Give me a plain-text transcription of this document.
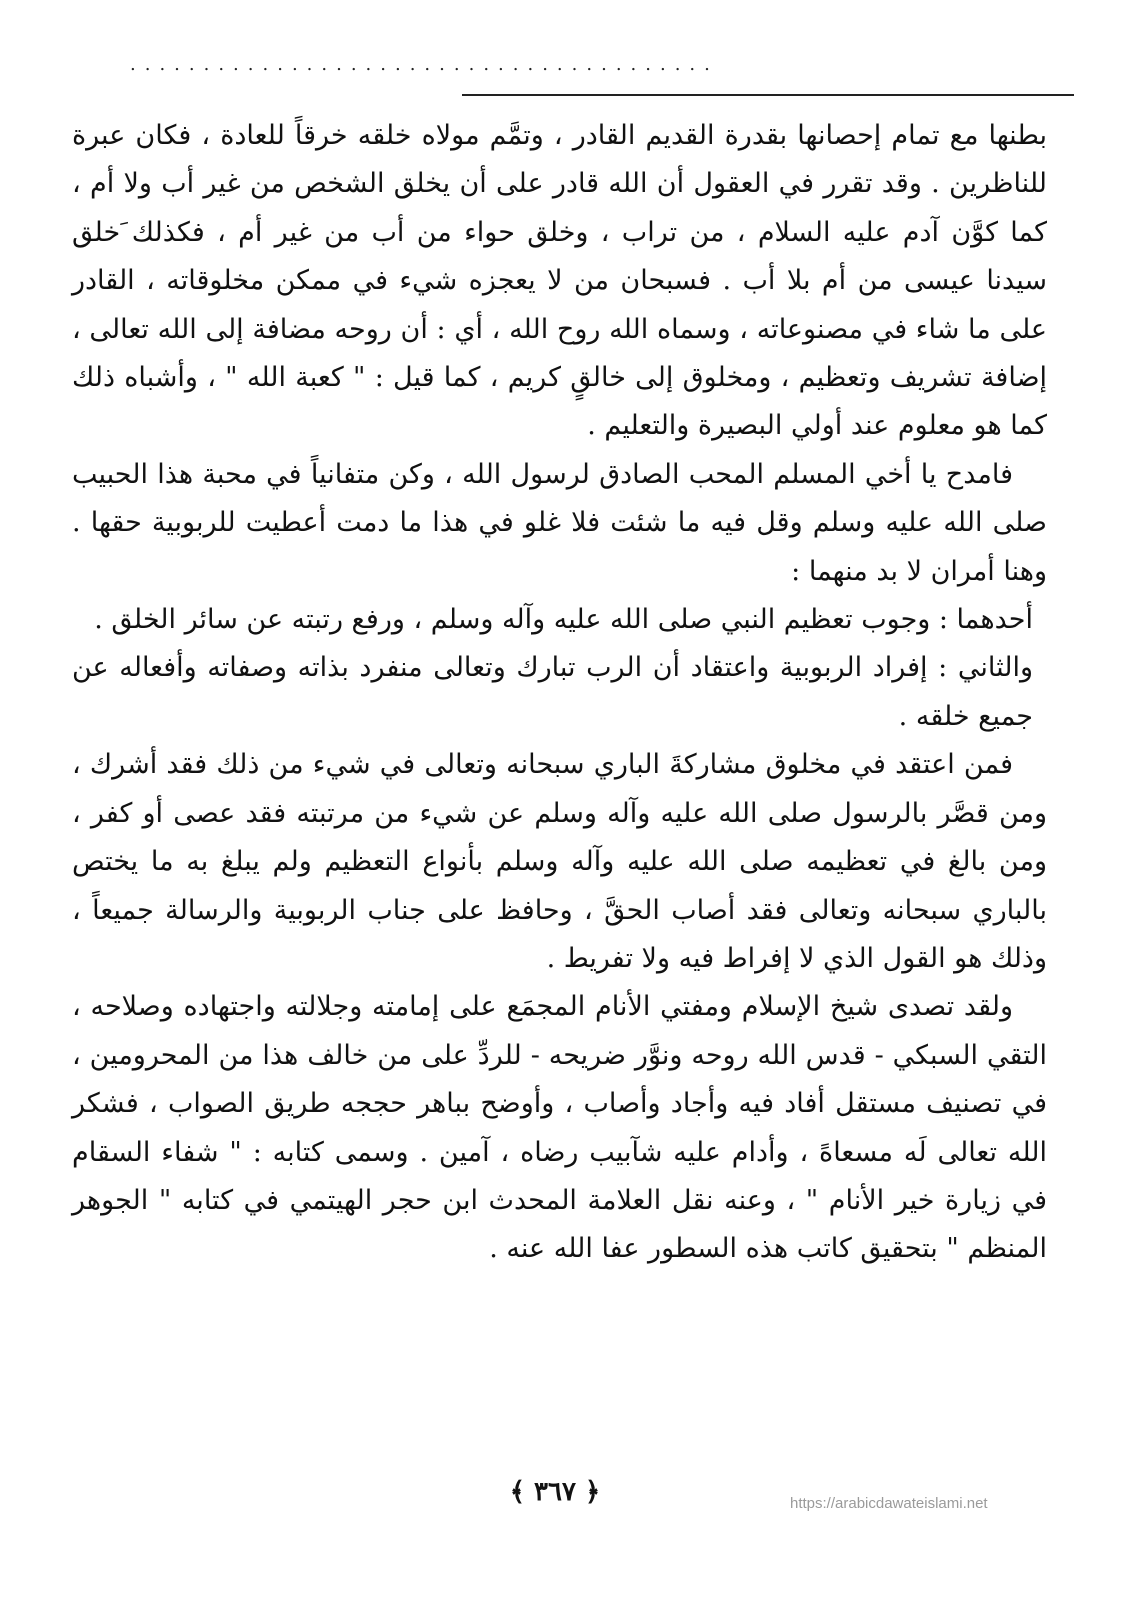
........................................

بطنها مع تمام إحصانها بقدرة القديم القادر ، وتمَّم مولاه خلقه خرقاً للعادة ، فكان عبرة للناظرين . وقد تقرر في العقول أن الله قادر على أن يخلق الشخص من غير أب ولا أم ، كما كوَّن آدم عليه السلام ، من تراب ، وخلق حواء من أب من غير أم ، فكذلك َخلق سيدنا عيسى من أم بلا أب . فسبحان من لا يعجزه شيء في ممكن مخلوقاته ، القادر على ما شاء في مصنوعاته ، وسماه الله روح الله ، أي : أن روحه مضافة إلى الله تعالى ، إضافة تشريف وتعظيم ، ومخلوق إلى خالقٍ كريم ، كما قيل : " كعبة الله " ، وأشباه ذلك كما هو معلوم عند أولي البصيرة والتعليم .

فامدح يا أخي المسلم المحب الصادق لرسول الله ، وكن متفانياً في محبة هذا الحبيب صلى الله عليه وسلم وقل فيه ما شئت فلا غلو في هذا ما دمت أعطيت للربوبية حقها . وهنا أمران لا بد منهما :

أحدهما : وجوب تعظيم النبي صلى الله عليه وآله وسلم ، ورفع رتبته عن سائر الخلق .

والثاني : إفراد الربوبية واعتقاد أن الرب تبارك وتعالى منفرد بذاته وصفاته وأفعاله عن جميع خلقه .

فمن اعتقد في مخلوق مشاركةَ الباري سبحانه وتعالى في شيء من ذلك فقد أشرك ، ومن قصَّر بالرسول صلى الله عليه وآله وسلم عن شيء من مرتبته فقد عصى أو كفر ، ومن بالغ في تعظيمه صلى الله عليه وآله وسلم بأنواع التعظيم ولم يبلغ به ما يختص بالباري سبحانه وتعالى فقد أصاب الحقَّ ، وحافظ على جناب الربوبية والرسالة جميعاً ، وذلك هو القول الذي لا إفراط فيه ولا تفريط .

ولقد تصدى شيخ الإسلام ومفتي الأنام المجمَع على إمامته وجلالته واجتهاده وصلاحه ، التقي السبكي - قدس الله روحه ونوَّر ضريحه - للردِّ على من خالف هذا من المحرومين ، في تصنيف مستقل أفاد فيه وأجاد وأصاب ، وأوضح بباهر حججه طريق الصواب ، فشكر الله تعالى لَه مسعاهً ، وأدام عليه شآبيب رضاه ، آمين . وسمى كتابه : " شفاء السقام في زيارة خير الأنام " ، وعنه نقل العلامة المحدث ابن حجر الهيتمي في كتابه " الجوهر المنظم " بتحقيق كاتب هذه السطور عفا الله عنه .

﴿ ٣٦٧ ﴾	https://arabicdawateislami.net
